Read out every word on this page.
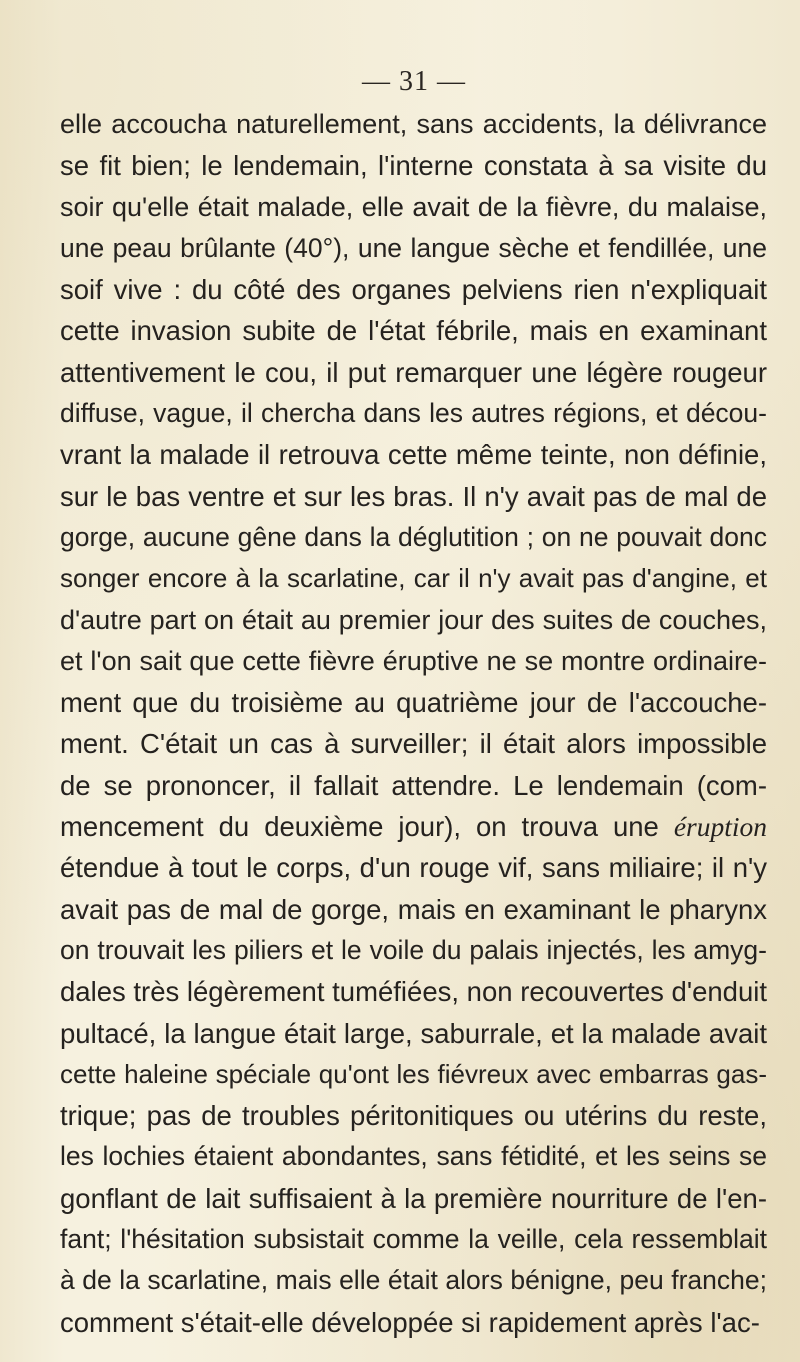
— 31 —
elle accoucha naturellement, sans accidents, la délivrance
se fit bien; le lendemain, l'interne constata à sa visite du
soir qu'elle était malade, elle avait de la fièvre, du malaise,
une peau brûlante (40°), une langue sèche et fendillée, une
soif vive : du côté des organes pelviens rien n'expliquait
cette invasion subite de l'état fébrile, mais en examinant
attentivement le cou, il put remarquer une légère rougeur
diffuse, vague, il chercha dans les autres régions, et décou-
vrant la malade il retrouva cette même teinte, non définie,
sur le bas ventre et sur les bras. Il n'y avait pas de mal de
gorge, aucune gêne dans la déglutition ; on ne pouvait donc
songer encore à la scarlatine, car il n'y avait pas d'angine, et
d'autre part on était au premier jour des suites de couches,
et l'on sait que cette fièvre éruptive ne se montre ordinaire-
ment que du troisième au quatrième jour de l'accouche-
ment. C'était un cas à surveiller; il était alors impossible
de se prononcer, il fallait attendre. Le lendemain (com-
mencement du deuxième jour), on trouva une éruption
étendue à tout le corps, d'un rouge vif, sans miliaire; il n'y
avait pas de mal de gorge, mais en examinant le pharynx
on trouvait les piliers et le voile du palais injectés, les amyg-
dales très légèrement tuméfiées, non recouvertes d'enduit
pultacé, la langue était large, saburrale, et la malade avait
cette haleine spéciale qu'ont les fiévreux avec embarras gas-
trique; pas de troubles péritonitiques ou utérins du reste,
les lochies étaient abondantes, sans fétidité, et les seins se
gonflant de lait suffisaient à la première nourriture de l'en-
fant; l'hésitation subsistait comme la veille, cela ressemblait
à de la scarlatine, mais elle était alors bénigne, peu franche;
comment s'était-elle développée si rapidement après l'ac-
